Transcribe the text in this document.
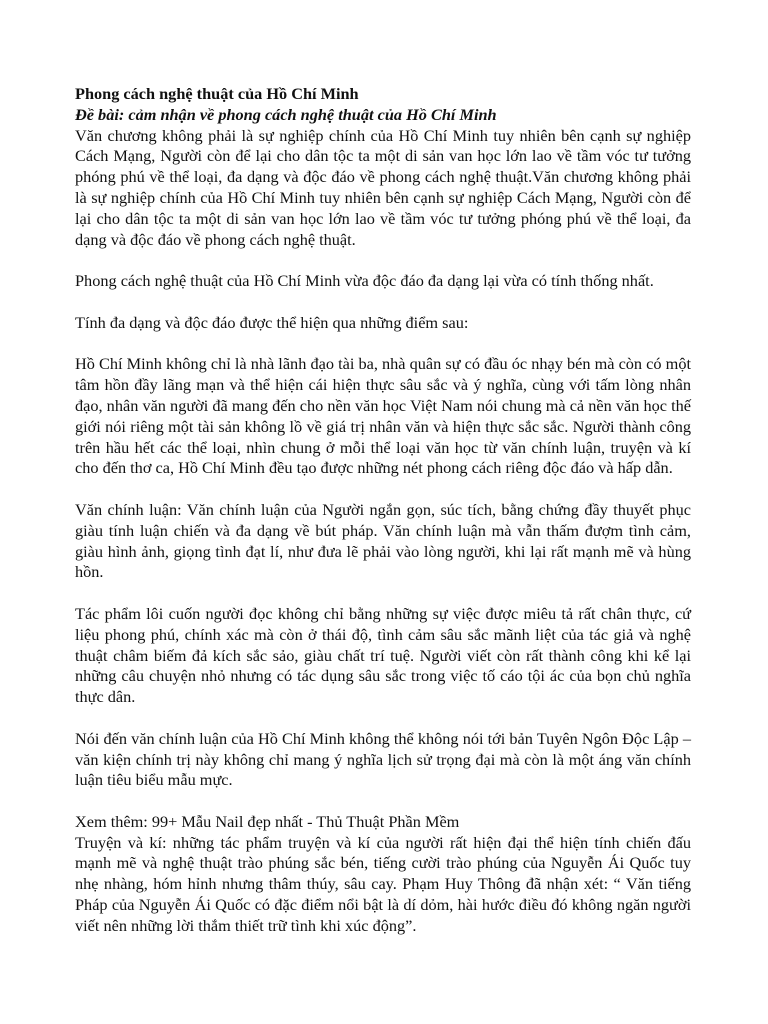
Phong cách nghệ thuật của Hồ Chí Minh

Đề bài: cảm nhận về phong cách nghệ thuật của Hồ Chí Minh

Văn chương không phải là sự nghiệp chính của Hồ Chí Minh tuy nhiên bên cạnh sự nghiệp Cách Mạng, Người còn để lại cho dân tộc ta một di sản van học lớn lao về tầm vóc tư tưởng phóng phú về thể loại, đa dạng và độc đáo về phong cách nghệ thuật.Văn chương không phải là sự nghiệp chính của Hồ Chí Minh tuy nhiên bên cạnh sự nghiệp Cách Mạng, Người còn để lại cho dân tộc ta một di sản van học lớn lao về tầm vóc tư tưởng phóng phú về thể loại, đa dạng và độc đáo về phong cách nghệ thuật.

Phong cách nghệ thuật của Hồ Chí Minh vừa độc đáo đa dạng lại vừa có tính thống nhất.

Tính đa dạng và độc đáo được thể hiện qua những điểm sau:

Hồ Chí Minh không chỉ là nhà lãnh đạo tài ba, nhà quân sự có đầu óc nhạy bén mà còn có một tâm hồn đầy lãng mạn và thể hiện cái hiện thực sâu sắc và ý nghĩa, cùng với tấm lòng nhân đạo, nhân văn người đã mang đến cho nền văn học Việt Nam nói chung mà cả nền văn học thế giới nói riêng một tài sản không lồ về giá trị nhân văn và hiện thực sắc sắc. Người thành công trên hầu hết các thể loại, nhìn chung ở mỗi thể loại văn học từ văn chính luận, truyện và kí cho đến thơ ca, Hồ Chí Minh đều tạo được những nét phong cách riêng độc đáo và hấp dẫn.

Văn chính luận: Văn chính luận của Người ngắn gọn, súc tích, bằng chứng đầy thuyết phục giàu tính luận chiến và đa dạng về bút pháp. Văn chính luận mà vẫn thấm đượm tình cảm, giàu hình ảnh, giọng tình đạt lí, như đưa lẽ phải vào lòng người, khi lại rất mạnh mẽ và hùng hồn.

Tác phẩm lôi cuốn người đọc không chỉ bằng những sự việc được miêu tả rất chân thực, cứ liệu phong phú, chính xác mà còn ở thái độ, tình cảm sâu sắc mãnh liệt của tác giả và nghệ thuật châm biếm đả kích sắc sảo, giàu chất trí tuệ. Người viết còn rất thành công khi kể lại những câu chuyện nhỏ nhưng có tác dụng sâu sắc trong việc tố cáo tội ác của bọn chủ nghĩa thực dân.

Nói đến văn chính luận của Hồ Chí Minh không thể không nói tới bản Tuyên Ngôn Độc Lập – văn kiện chính trị này không chỉ mang ý nghĩa lịch sử trọng đại mà còn là một áng văn chính luận tiêu biểu mẫu mực.

Xem thêm: 99+ Mẫu Nail đẹp nhất - Thủ Thuật Phần Mềm

Truyện và kí: những tác phẩm truyện và kí của người rất hiện đại thể hiện tính chiến đấu mạnh mẽ và nghệ thuật trào phúng sắc bén, tiếng cười trào phúng của Nguyễn Ái Quốc tuy nhẹ nhàng, hóm hỉnh nhưng thâm thúy, sâu cay. Phạm Huy Thông đã nhận xét: “ Văn tiếng Pháp của Nguyễn Ái Quốc có đặc điểm nổi bật là dí dỏm, hài hước điều đó không ngăn người viết nên những lời thắm thiết trữ tình khi xúc động”.
